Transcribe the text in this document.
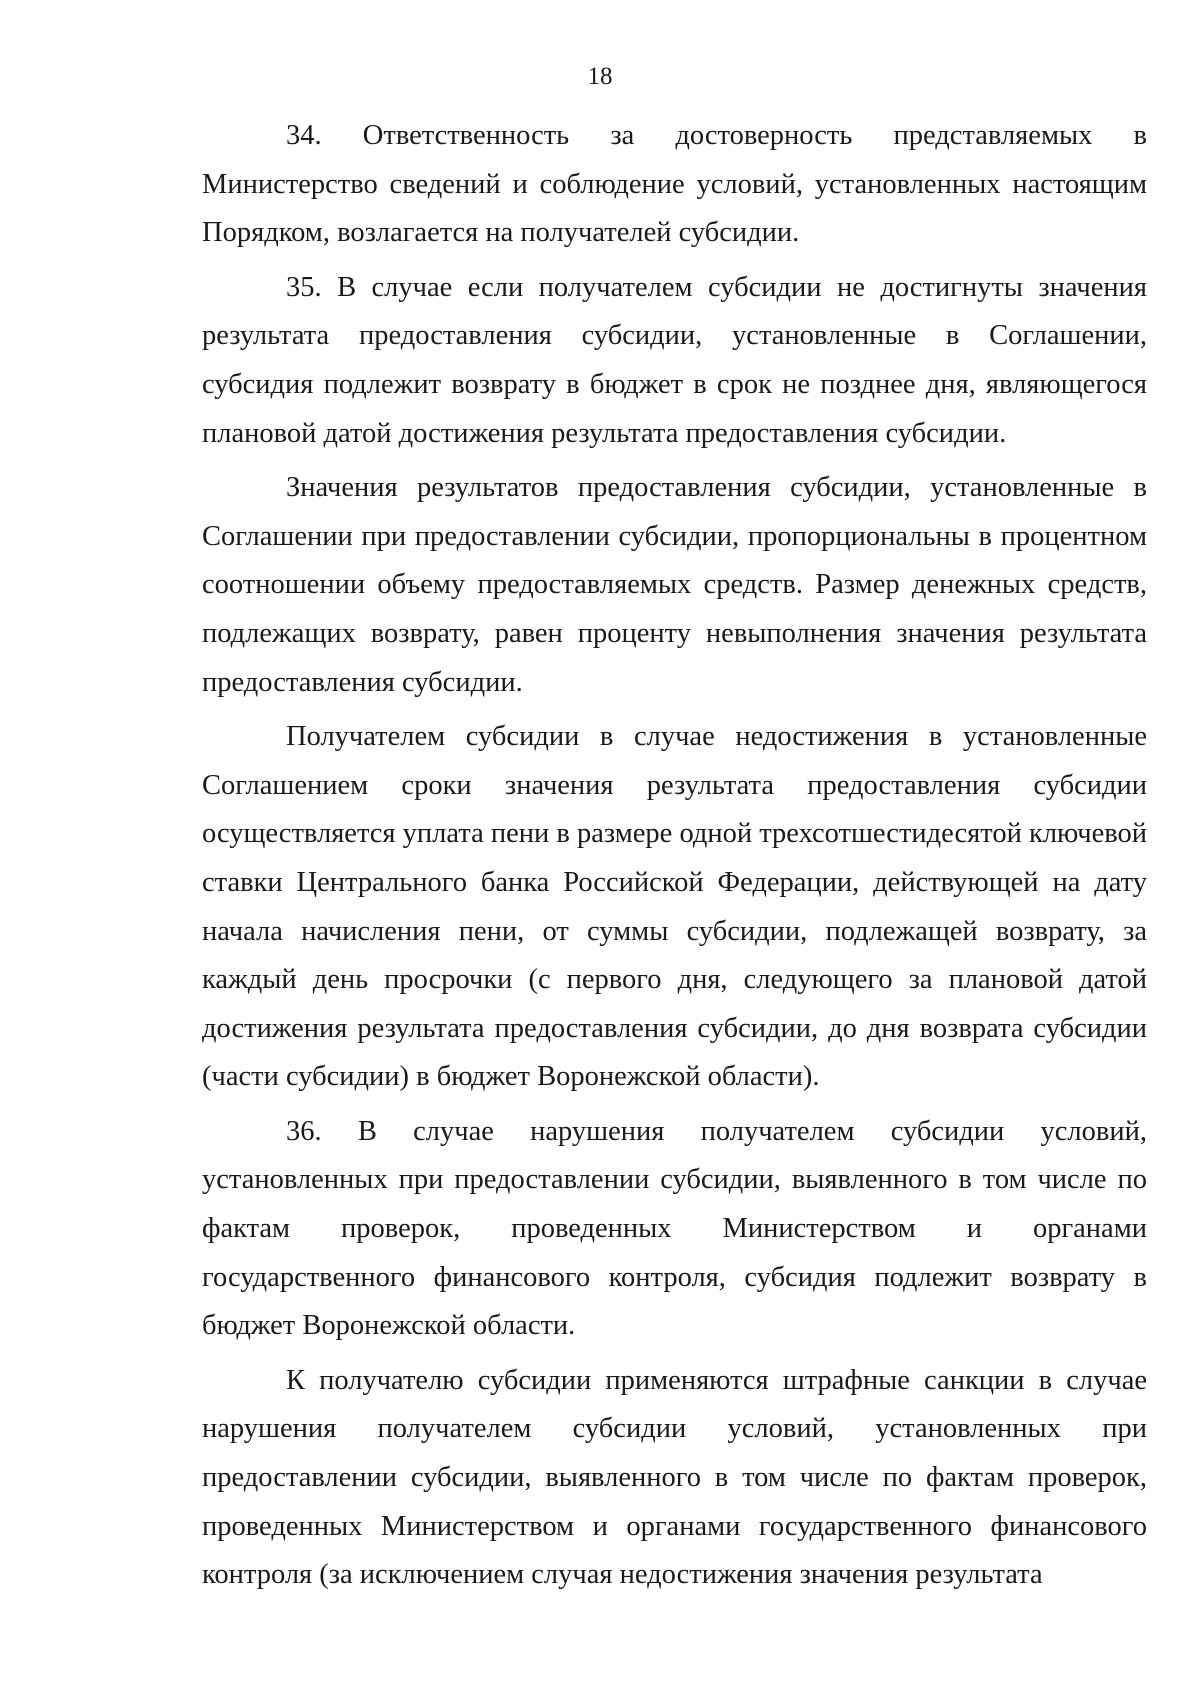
18

34. Ответственность за достоверность представляемых в Министерство сведений и соблюдение условий, установленных настоящим Порядком, возлагается на получателей субсидии.

35. В случае если получателем субсидии не достигнуты значения результата предоставления субсидии, установленные в Соглашении, субсидия подлежит возврату в бюджет в срок не позднее дня, являющегося плановой датой достижения результата предоставления субсидии.

Значения результатов предоставления субсидии, установленные в Соглашении при предоставлении субсидии, пропорциональны в процентном соотношении объему предоставляемых средств. Размер денежных средств, подлежащих возврату, равен проценту невыполнения значения результата предоставления субсидии.

Получателем субсидии в случае недостижения в установленные Соглашением сроки значения результата предоставления субсидии осуществляется уплата пени в размере одной трехсотшестидесятой ключевой ставки Центрального банка Российской Федерации, действующей на дату начала начисления пени, от суммы субсидии, подлежащей возврату, за каждый день просрочки (с первого дня, следующего за плановой датой достижения результата предоставления субсидии, до дня возврата субсидии (части субсидии) в бюджет Воронежской области).

36. В случае нарушения получателем субсидии условий, установленных при предоставлении субсидии, выявленного в том числе по фактам проверок, проведенных Министерством и органами государственного финансового контроля, субсидия подлежит возврату в бюджет Воронежской области.

К получателю субсидии применяются штрафные санкции в случае нарушения получателем субсидии условий, установленных при предоставлении субсидии, выявленного в том числе по фактам проверок, проведенных Министерством и органами государственного финансового контроля (за исключением случая недостижения значения результата
